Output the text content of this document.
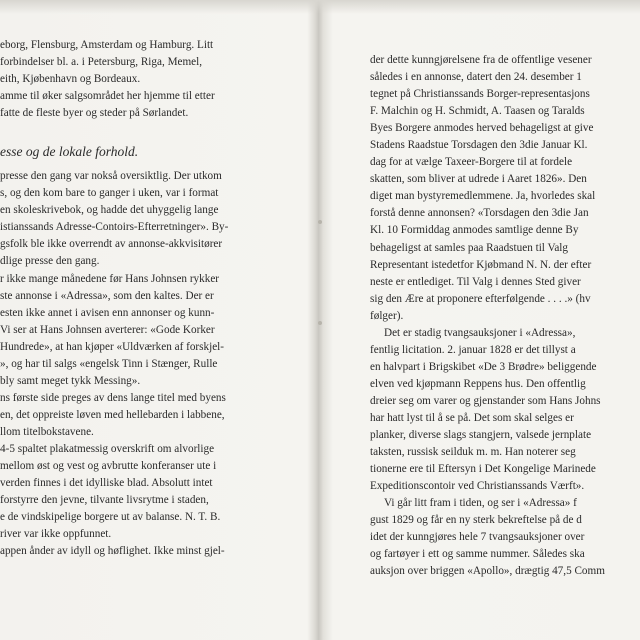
eborg, Flensburg, Amsterdam og Hamburg. Litt
forbindelser bl. a. i Petersburg, Riga, Memel,
eith, Kjøbenhavn og Bordeaux.
amme til øker salgsområdet her hjemme til etter
fatte de fleste byer og steder på Sørlandet.
esse og de lokale forhold.
presse den gang var nokså oversiktlig. Der utkom
s, og den kom bare to ganger i uken, var i format
en skoleskrivebok, og hadde det uhyggelig lange
istianssands Adresse-Contoirs-Efterretninger». By-
gsfolk ble ikke overrendt av annonse-akkvisitører
dlige presse den gang.
r ikke mange månedene før Hans Johnsen rykker
ste annonse i «Adressa», som den kaltes. Der er
esten ikke annet i avisen enn annonser og kunn-
Vi ser at Hans Johnsen averterer: «Gode Korker
Hundrede», at han kjøper «Uldværken af forskjel-
», og har til salgs «engelsk Tinn i Stænger, Rulle
bly samt meget tykk Messing».
ns første side preges av dens lange titel med byens
en, det oppreiste løven med hellebarden i labbene,
llom titelbokstavene.
4-5 spaltet plakatmessig overskrift om alvorlige
mellom øst og vest og avbrutte konferanser ute i
verden finnes i det idylliske blad. Absolutt intet
forstyrre den jevne, tilvante livsrytme i staden,
e de vindskipelige borgere ut av balanse. N. T. B.
river var ikke oppfunnet.
appen ånder av idyll og høflighet. Ikke minst gjel-
der dette kunngjørelsene fra de offentlige vesener
således i en annonse, datert den 24. desember 1
tegnet på Christianssands Borger-representasjons
F. Malchin og H. Schmidt, A. Taasen og Taralds
Byes Borgere anmodes herved behageligst at give
Stadens Raadstue Torsdagen den 3die Januar Kl.
dag for at vælge Taxeer-Borgere til at fordele
skatten, som bliver at udrede i Aaret 1826». Den
diget man bystyremedlemmene. Ja, hvorledes skal
forstå denne annonsen? «Torsdagen den 3die Jan
Kl. 10 Formiddag anmodes samtlige denne By
behageligst at samles paa Raadstuen til Valg
Representant istedetfor Kjøbmand N. N. der efter
neste er entlediget. Til Valg i dennes Sted giver
sig den Ære at proponere efterfølgende . . . .» (hv
følger).
Det er stadig tvangsauksjoner i «Adressa»,
fentlig licitation. 2. januar 1828 er det tillyst a
en halvpart i Brigskibet «De 3 Brødre» beliggende
elven ved kjøpmann Reppens hus. Den offentlig
dreier seg om varer og gjenstander som Hans Johns
har hatt lyst til å se på. Det som skal selges er
planker, diverse slags stangjern, valsede jernplate
taksten, russisk seilduk m. m. Han noterer seg
tionerne ere til Eftersyn i Det Kongelige Marinede
Expeditionscontoir ved Christianssands Værft».
Vi går litt fram i tiden, og ser i «Adressa» f
gust 1829 og får en ny sterk bekreftelse på de d
idet der kunngjøres hele 7 tvangsauksjoner over
og fartøyer i ett og samme nummer. Således ska
auksjon over briggen «Apollo», drægtig 47,5 Comm
